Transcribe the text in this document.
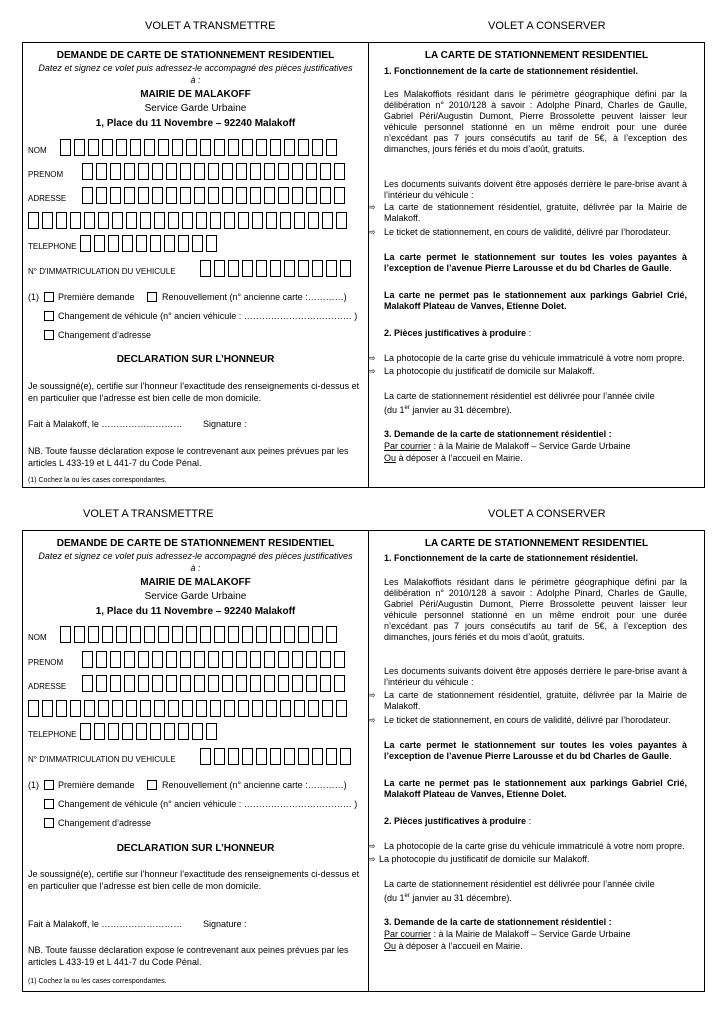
VOLET A TRANSMETTRE	VOLET A CONSERVER
DEMANDE DE CARTE DE STATIONNEMENT RESIDENTIEL
Datez et signez ce volet puis adressez-le accompagné des pièces justificatives
à :
MAIRIE DE MALAKOFF
Service Garde Urbaine
1, Place du 11 Novembre – 92240 Malakoff
NOM
PRENOM
ADRESSE
TELEPHONE
N° D'IMMATRICULATION DU VEHICULE
(1) Première demande	Renouvellement (n° ancienne carte :…………)
Changement de véhicule (n° ancien véhicule : ……………………………… )
Changement d’adresse
DECLARATION SUR L’HONNEUR
Je soussigné(e), certifie sur l’honneur l’exactitude des renseignements ci-dessus et
en particulier que l’adresse est bien celle de mon domicile.
Fait à Malakoff, le ……………………… Signature :
NB. Toute fausse déclaration expose le contrevenant aux peines prévues par les
articles L 433-19 et L 441-7 du Code Pénal.
(1) Cochez la ou les cases correspondantes.
LA CARTE DE STATIONNEMENT RESIDENTIEL
1. Fonctionnement de la carte de stationnement résidentiel.

Les Malakoffiots résidant dans le périmètre géographique défini par la délibération n° 2010/128 à savoir : Adolphe Pinard, Charles de Gaulle, Gabriel Péri/Augustin Dumont, Pierre Brossolette peuvent laisser leur véhicule personnel stationné en un même endroit pour une durée n’excédant pas 7 jours consécutifs au tarif de 5€, à l’exception des dimanches, jours fériés et du mois d’août, gratuits.

Les documents suivants doivent être apposés derrière le pare-brise avant à l’intérieur du véhicule :

⇨ La carte de stationnement résidentiel, gratuite, délivrée par la Mairie de Malakoff.

⇨ Le ticket de stationnement, en cours de validité, délivré par l’horodateur.

La carte permet le stationnement sur toutes les voies payantes à l’exception de l’avenue Pierre Larousse et du bd Charles de Gaulle.

La carte ne permet pas le stationnement aux parkings Gabriel Crié, Malakoff Plateau de Vanves, Etienne Dolet.

2. Pièces justificatives à produire :
⇨ La photocopie de la carte grise du véhicule immatriculé à votre nom propre.
⇨ La photocopie du justificatif de domicile sur Malakoff.
La carte de stationnement résidentiel est délivrée pour l’année civile
(du 1er janvier au 31 décembre).
3. Demande de la carte de stationnement résidentiel :
Par courrier : à la Mairie de Malakoff – Service Garde Urbaine
Ou à déposer à l’accueil en Mairie.
VOLET A TRANSMETTRE	VOLET A CONSERVER
DEMANDE DE CARTE DE STATIONNEMENT RESIDENTIEL
Datez et signez ce volet puis adressez-le accompagné des pièces justificatives
à :
MAIRIE DE MALAKOFF
Service Garde Urbaine
1, Place du 11 Novembre – 92240 Malakoff
NOM
PRENOM
ADRESSE
TELEPHONE
N° D'IMMATRICULATION DU VEHICULE
(1) Première demande	Renouvellement (n° ancienne carte :…………)
Changement de véhicule (n° ancien véhicule : ……………………………… )
Changement d’adresse
DECLARATION SUR L’HONNEUR
Je soussigné(e), certifie sur l’honneur l’exactitude des renseignements ci-dessus et
en particulier que l’adresse est bien celle de mon domicile.
Fait à Malakoff, le ……………………… Signature :
NB. Toute fausse déclaration expose le contrevenant aux peines prévues par les
articles L 433-19 et L 441-7 du Code Pénal.
(1) Cochez la ou les cases correspondantes.
LA CARTE DE STATIONNEMENT RESIDENTIEL
1. Fonctionnement de la carte de stationnement résidentiel.

Les Malakoffiots résidant dans le périmètre géographique défini par la délibération n° 2010/128 à savoir : Adolphe Pinard, Charles de Gaulle, Gabriel Péri/Augustin Dumont, Pierre Brossolette peuvent laisser leur véhicule personnel stationné en un même endroit pour une durée n’excédant pas 7 jours consécutifs au tarif de 5€, à l’exception des dimanches, jours fériés et du mois d’août, gratuits.

Les documents suivants doivent être apposés derrière le pare-brise avant à l’intérieur du véhicule :

⇨ La carte de stationnement résidentiel, gratuite, délivrée par la Mairie de Malakoff.

⇨ Le ticket de stationnement, en cours de validité, délivré par l’horodateur.

La carte permet le stationnement sur toutes les voies payantes à l’exception de l’avenue Pierre Larousse et du bd Charles de Gaulle.

La carte ne permet pas le stationnement aux parkings Gabriel Crié, Malakoff Plateau de Vanves, Etienne Dolet.

2. Pièces justificatives à produire :
⇨ La photocopie de la carte grise du véhicule immatriculé à votre nom propre.
⇨ La photocopie du justificatif de domicile sur Malakoff.
La carte de stationnement résidentiel est délivrée pour l’année civile
(du 1er janvier au 31 décembre).
3. Demande de la carte de stationnement résidentiel :
Par courrier : à la Mairie de Malakoff – Service Garde Urbaine
Ou à déposer à l’accueil en Mairie.
